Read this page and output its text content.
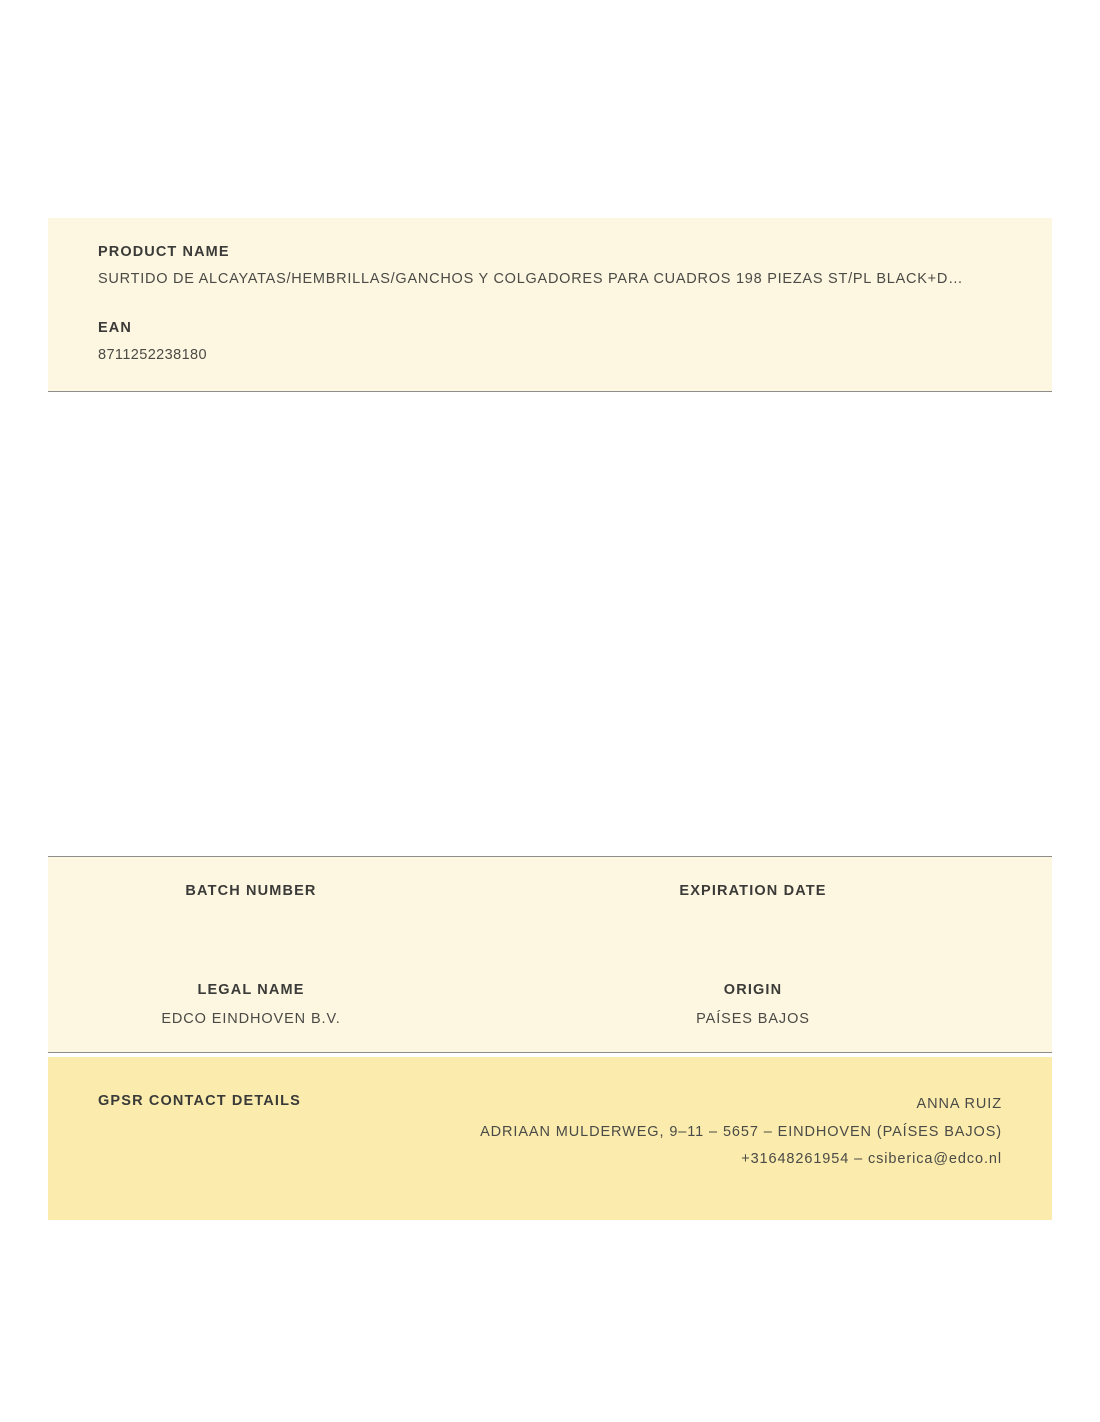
PRODUCT NAME
SURTIDO DE ALCAYATAS/HEMBRILLAS/GANCHOS Y COLGADORES PARA CUADROS 198 PIEZAS ST/PL BLACK+D…
EAN
8711252238180
BATCH NUMBER	EXPIRATION DATE
LEGAL NAME
EDCO EINDHOVEN B.V.
ORIGIN
PAÍSES BAJOS
GPSR CONTACT DETAILS	ANNA RUIZ
ADRIAAN MULDERWEG, 9–11 – 5657 – EINDHOVEN (PAÍSES BAJOS)
+31648261954 – csiberica@edco.nl
